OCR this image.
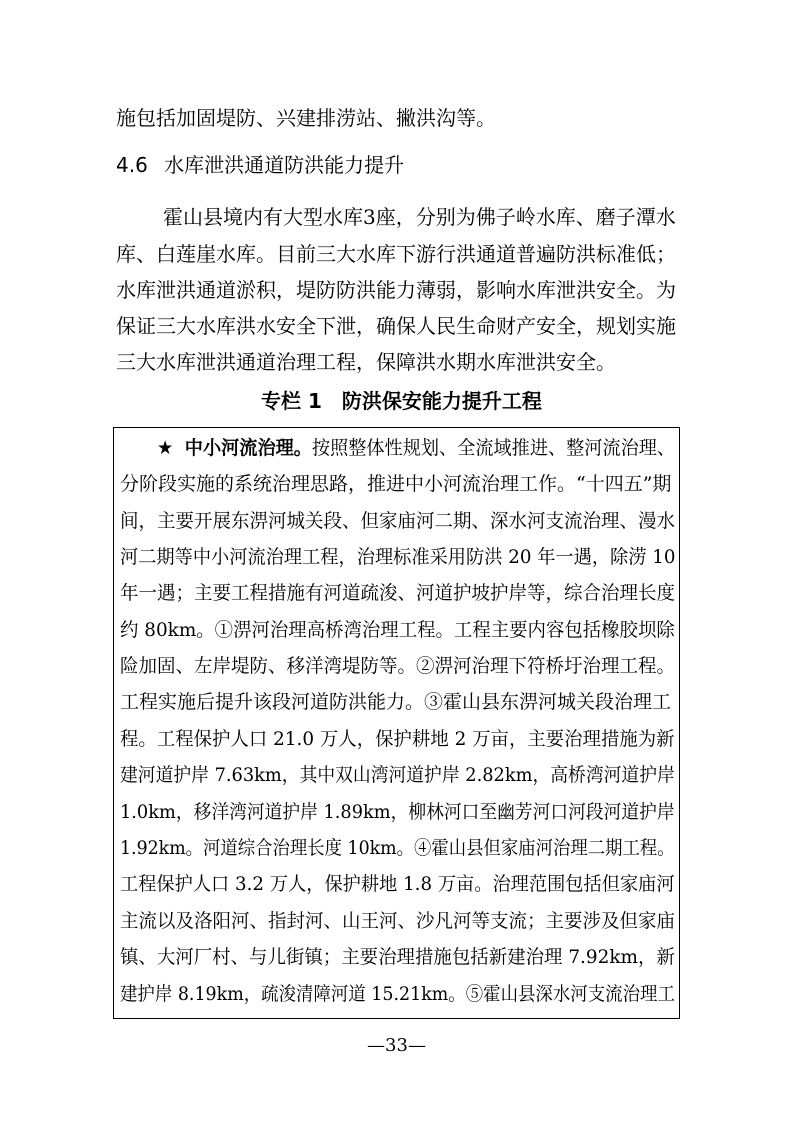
施包括加固堤防、兴建排涝站、撇洪沟等。
4.6 水库泄洪通道防洪能力提升
霍山县境内有大型水库3座，分别为佛子岭水库、磨子潭水
库、白莲崖水库。目前三大水库下游行洪通道普遍防洪标准低；
水库泄洪通道淤积，堤防防洪能力薄弱，影响水库泄洪安全。为
保证三大水库洪水安全下泄，确保人民生命财产安全，规划实施
三大水库泄洪通道治理工程，保障洪水期水库泄洪安全。
专栏 1　防洪保安能力提升工程
★ 中小河流治理。按照整体性规划、全流域推进、整河流治理、
分阶段实施的系统治理思路，推进中小河流治理工作。“十四五”期
间，主要开展东淠河城关段、但家庙河二期、深水河支流治理、漫水
河二期等中小河流治理工程，治理标准采用防洪 20 年一遇，除涝 10
年一遇；主要工程措施有河道疏浚、河道护坡护岸等，综合治理长度
约 80km。①淠河治理高桥湾治理工程。工程主要内容包括橡胶坝除
险加固、左岸堤防、移洋湾堤防等。②淠河治理下符桥圩治理工程。
工程实施后提升该段河道防洪能力。③霍山县东淠河城关段治理工
程。工程保护人口 21.0 万人，保护耕地 2 万亩，主要治理措施为新
建河道护岸 7.63km，其中双山湾河道护岸 2.82km，高桥湾河道护岸
1.0km，移洋湾河道护岸 1.89km，柳林河口至幽芳河口河段河道护岸
1.92km。河道综合治理长度 10km。④霍山县但家庙河治理二期工程。
工程保护人口 3.2 万人，保护耕地 1.8 万亩。治理范围包括但家庙河
主流以及洛阳河、指封河、山王河、沙凡河等支流；主要涉及但家庙
镇、大河厂村、与儿街镇；主要治理措施包括新建治理 7.92km，新
建护岸 8.19km，疏浚清障河道 15.21km。⑤霍山县深水河支流治理工
—33—
